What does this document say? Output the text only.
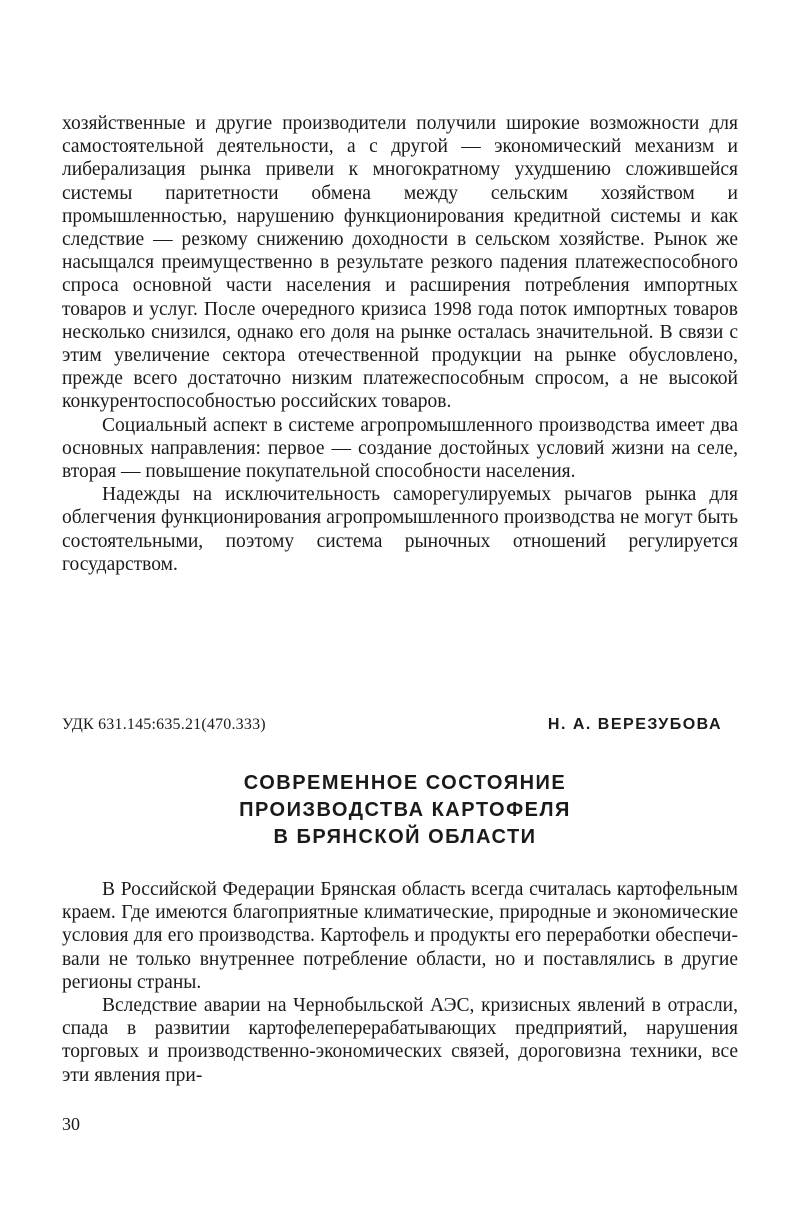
хозяйственные и другие производители получили широкие возможности для самостоятельной деятельности, а с другой — экономический механизм и либерализация рынка привели к многократному ухудшению сложившейся системы паритетности обмена между сельским хозяйством и промышленностью, нарушению функционирования кредитной системы и как следствие — резкому снижению доходности в сельском хозяйстве. Рынок же насыщался преимущественно в результате резкого падения платежеспособного спроса основной части населения и расширения потребления импортных товаров и услуг. После очередного кризиса 1998 года поток импортных товаров несколько снизился, однако его доля на рынке осталась значительной. В связи с этим увеличение сектора отечественной продукции на рынке обусловлено, прежде всего достаточно низким платежеспособным спросом, а не высокой конкурентоспособностью российских товаров.

Социальный аспект в системе агропромышленного производства имеет два основных направления: первое — создание достойных условий жизни на селе, вторая — повышение покупательной способности населения.

Надежды на исключительность саморегулируемых рычагов рынка для облегчения функционирования агропромышленного производства не могут быть состоятельными, поэтому система рыночных отношений регулируется государством.

УДК 631.145:635.21(470.333)	Н. А. ВЕРЕЗУБОВА
СОВРЕМЕННОЕ СОСТОЯНИЕ
ПРОИЗВОДСТВА КАРТОФЕЛЯ
В БРЯНСКОЙ ОБЛАСТИ

В Российской Федерации Брянская область всегда считалась картофельным краем. Где имеются благоприятные климатические, природные и экономические условия для его производства. Картофель и продукты его переработки обеспечивали не только внутреннее потребление области, но и поставлялись в другие регионы страны.

Вследствие аварии на Чернобыльской АЭС, кризисных явлений в отрасли, спада в развитии картофелеперерабатывающих предприятий, нарушения торговых и производственно-экономических связей, дороговизна техники, все эти явления при-

30
